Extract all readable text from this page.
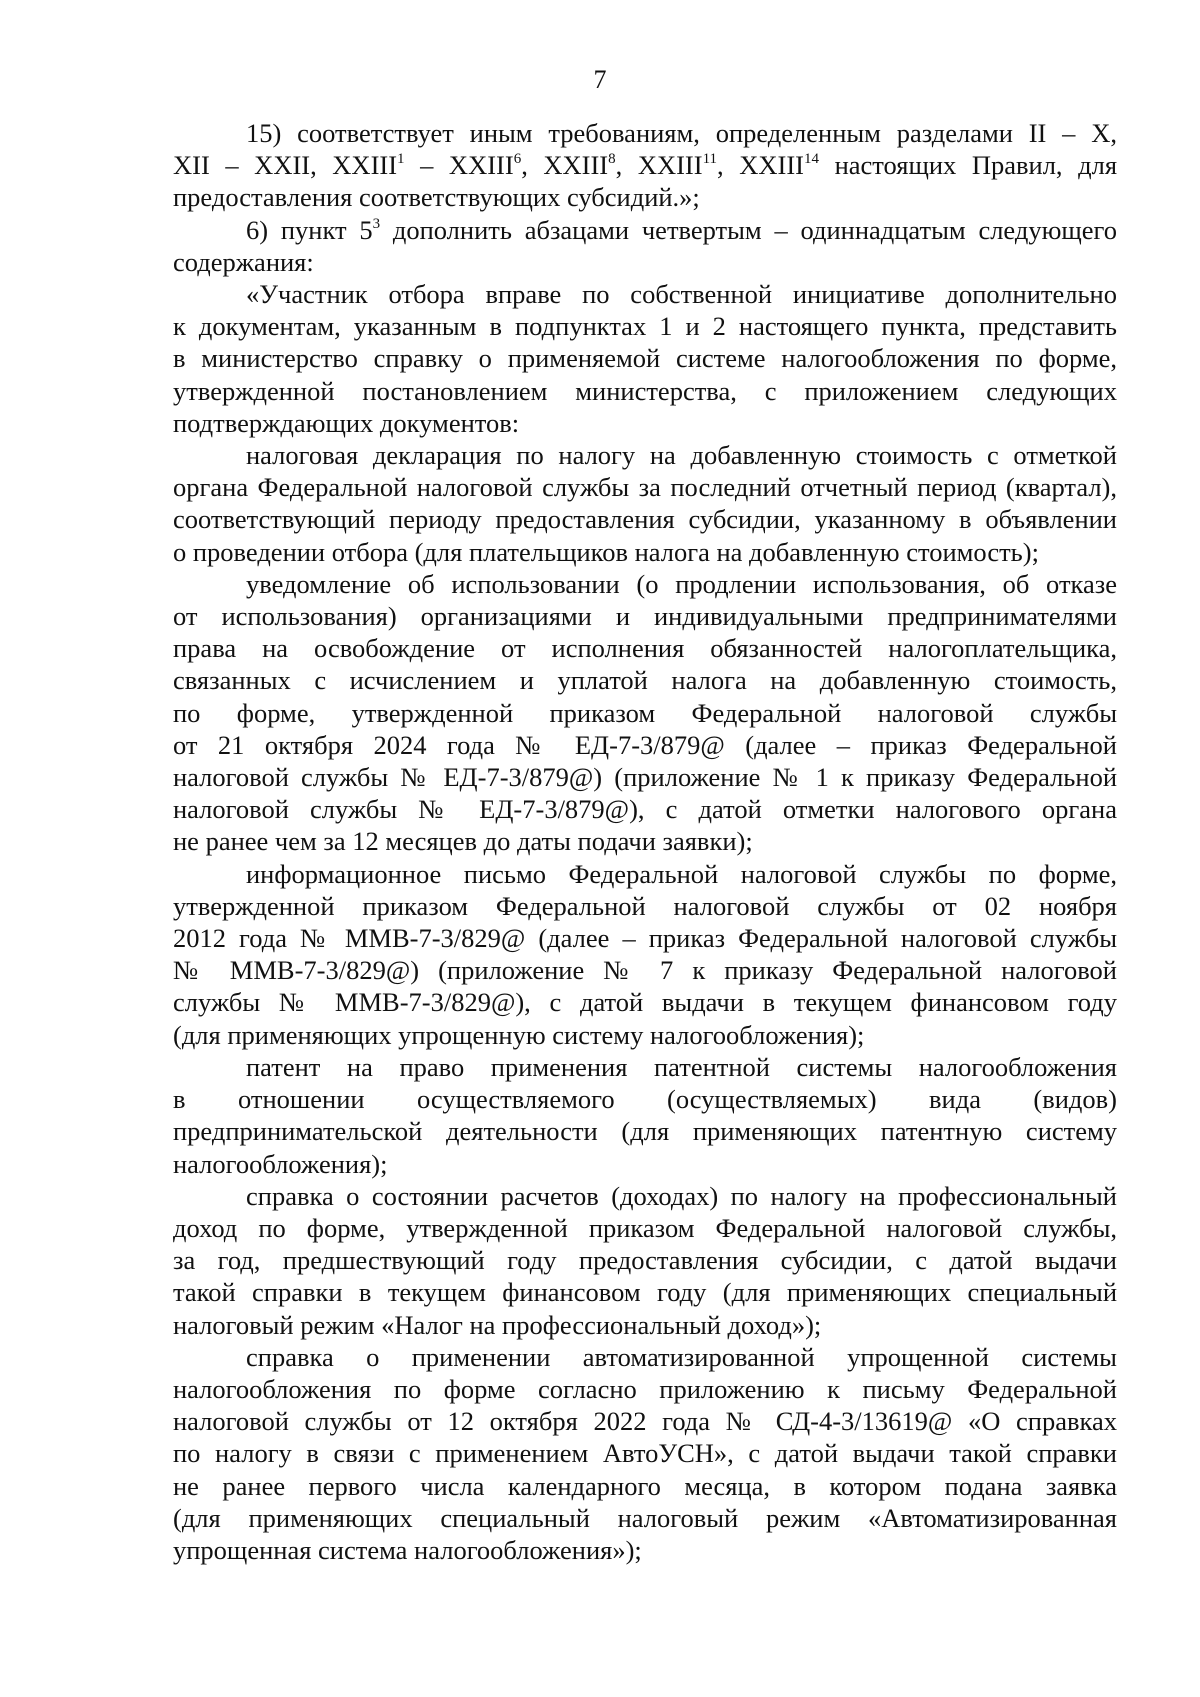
7

15) соответствует иным требованиям, определенным разделами II – X,
XII – XXII, XXIII$^1$ – XXIII$^6$, XXIII$^8$, XXIII$^{11}$, XXIII$^{14}$ настоящих Правил, для
предоставления соответствующих субсидий.»;

6) пункт $5^3$ дополнить абзацами четвертым – одиннадцатым следующего
содержания:

«Участник отбора вправе по собственной инициативе дополнительно
к документам, указанным в подпунктах 1 и 2 настоящего пункта, представить
в министерство справку о применяемой системе налогообложения по форме,
утвержденной постановлением министерства, с приложением следующих
подтверждающих документов:

налоговая декларация по налогу на добавленную стоимость с отметкой
органа Федеральной налоговой службы за последний отчетный период (квартал),
соответствующий периоду предоставления субсидии, указанному в объявлении
о проведении отбора (для плательщиков налога на добавленную стоимость);

уведомление об использовании (о продлении использования, об отказе
от использования) организациями и индивидуальными предпринимателями
права на освобождение от исполнения обязанностей налогоплательщика,
связанных с исчислением и уплатой налога на добавленную стоимость,
по форме, утвержденной приказом Федеральной налоговой службы
от 21 октября 2024 года № ЕД-7-3/879@ (далее – приказ Федеральной
налоговой службы № ЕД-7-3/879@) (приложение № 1 к приказу Федеральной
налоговой службы № ЕД-7-3/879@), с датой отметки налогового органа
не ранее чем за 12 месяцев до даты подачи заявки);

информационное письмо Федеральной налоговой службы по форме,
утвержденной приказом Федеральной налоговой службы от 02 ноября
2012 года № ММВ-7-3/829@ (далее – приказ Федеральной налоговой службы
№ ММВ-7-3/829@) (приложение № 7 к приказу Федеральной налоговой
службы № ММВ-7-3/829@), с датой выдачи в текущем финансовом году
(для применяющих упрощенную систему налогообложения);

патент на право применения патентной системы налогообложения
в отношении осуществляемого (осуществляемых) вида (видов)
предпринимательской деятельности (для применяющих патентную систему
налогообложения);

справка о состоянии расчетов (доходах) по налогу на профессиональный
доход по форме, утвержденной приказом Федеральной налоговой службы,
за год, предшествующий году предоставления субсидии, с датой выдачи
такой справки в текущем финансовом году (для применяющих специальный
налоговый режим «Налог на профессиональный доход»);

справка о применении автоматизированной упрощенной системы
налогообложения по форме согласно приложению к письму Федеральной
налоговой службы от 12 октября 2022 года № СД-4-3/13619@ «О справках
по налогу в связи с применением АвтоУСН», с датой выдачи такой справки
не ранее первого числа календарного месяца, в котором подана заявка
(для применяющих специальный налоговый режим «Автоматизированная
упрощенная система налогообложения»);
